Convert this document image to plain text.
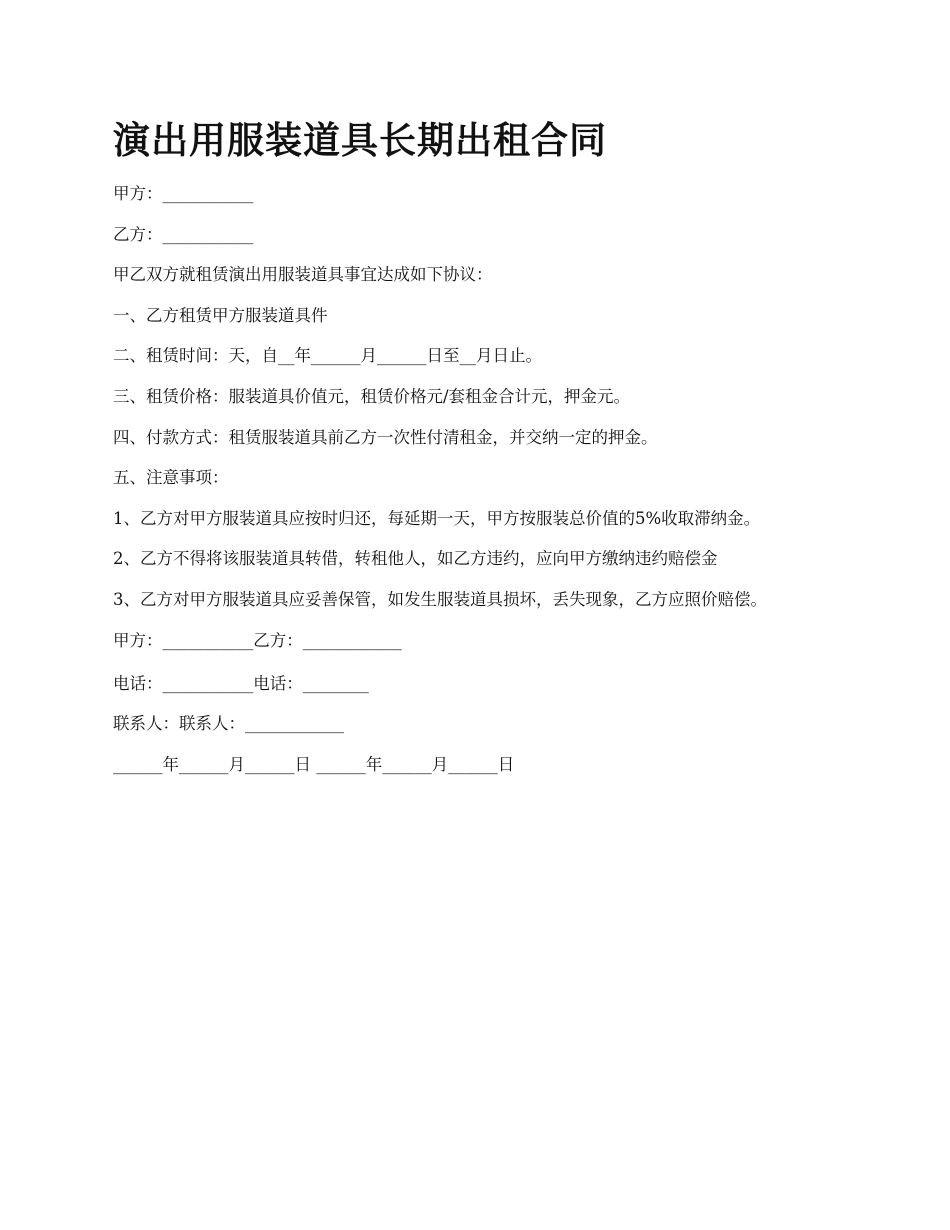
演出用服装道具长期出租合同

甲方：___________

乙方：___________

甲乙双方就租赁演出用服装道具事宜达成如下协议：

一、乙方租赁甲方服装道具件

二、租赁时间：天，自__年______月______日至__月日止。

三、租赁价格：服装道具价值元，租赁价格元/套租金合计元，押金元。

四、付款方式：租赁服装道具前乙方一次性付清租金，并交纳一定的押金。

五、注意事项：

1、乙方对甲方服装道具应按时归还，每延期一天，甲方按服装总价值的5%收取滞纳金。

2、乙方不得将该服装道具转借，转租他人，如乙方违约，应向甲方缴纳违约赔偿金

3、乙方对甲方服装道具应妥善保管，如发生服装道具损坏，丢失现象，乙方应照价赔偿。

甲方：___________乙方：____________

电话：___________电话：________

联系人：联系人：____________

______年______月______日 ______年______月______日
